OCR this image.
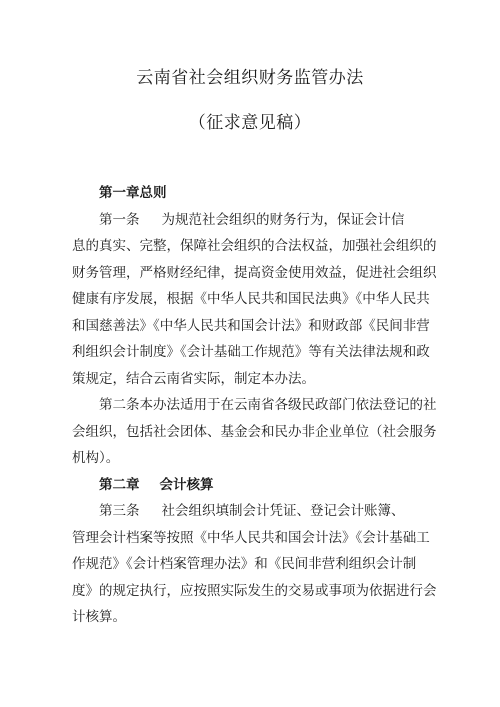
云南省社会组织财务监管办法
（征求意见稿）
第一章总则
第一条 为规范社会组织的财务行为，保证会计信
息的真实、完整，保障社会组织的合法权益，加强社会组织的
财务管理，严格财经纪律，提高资金使用效益，促进社会组织
健康有序发展，根据《中华人民共和国民法典》《中华人民共
和国慈善法》《中华人民共和国会计法》和财政部《民间非营
利组织会计制度》《会计基础工作规范》等有关法律法规和政
策规定，结合云南省实际，制定本办法。
第二条本办法适用于在云南省各级民政部门依法登记的社
会组织，包括社会团体、基金会和民办非企业单位（社会服务
机构）。
第二章 会计核算
第三条 社会组织填制会计凭证、登记会计账簿、
管理会计档案等按照《中华人民共和国会计法》《会计基础工
作规范》《会计档案管理办法》和《民间非营利组织会计制
度》的规定执行，应按照实际发生的交易或事项为依据进行会
计核算。
